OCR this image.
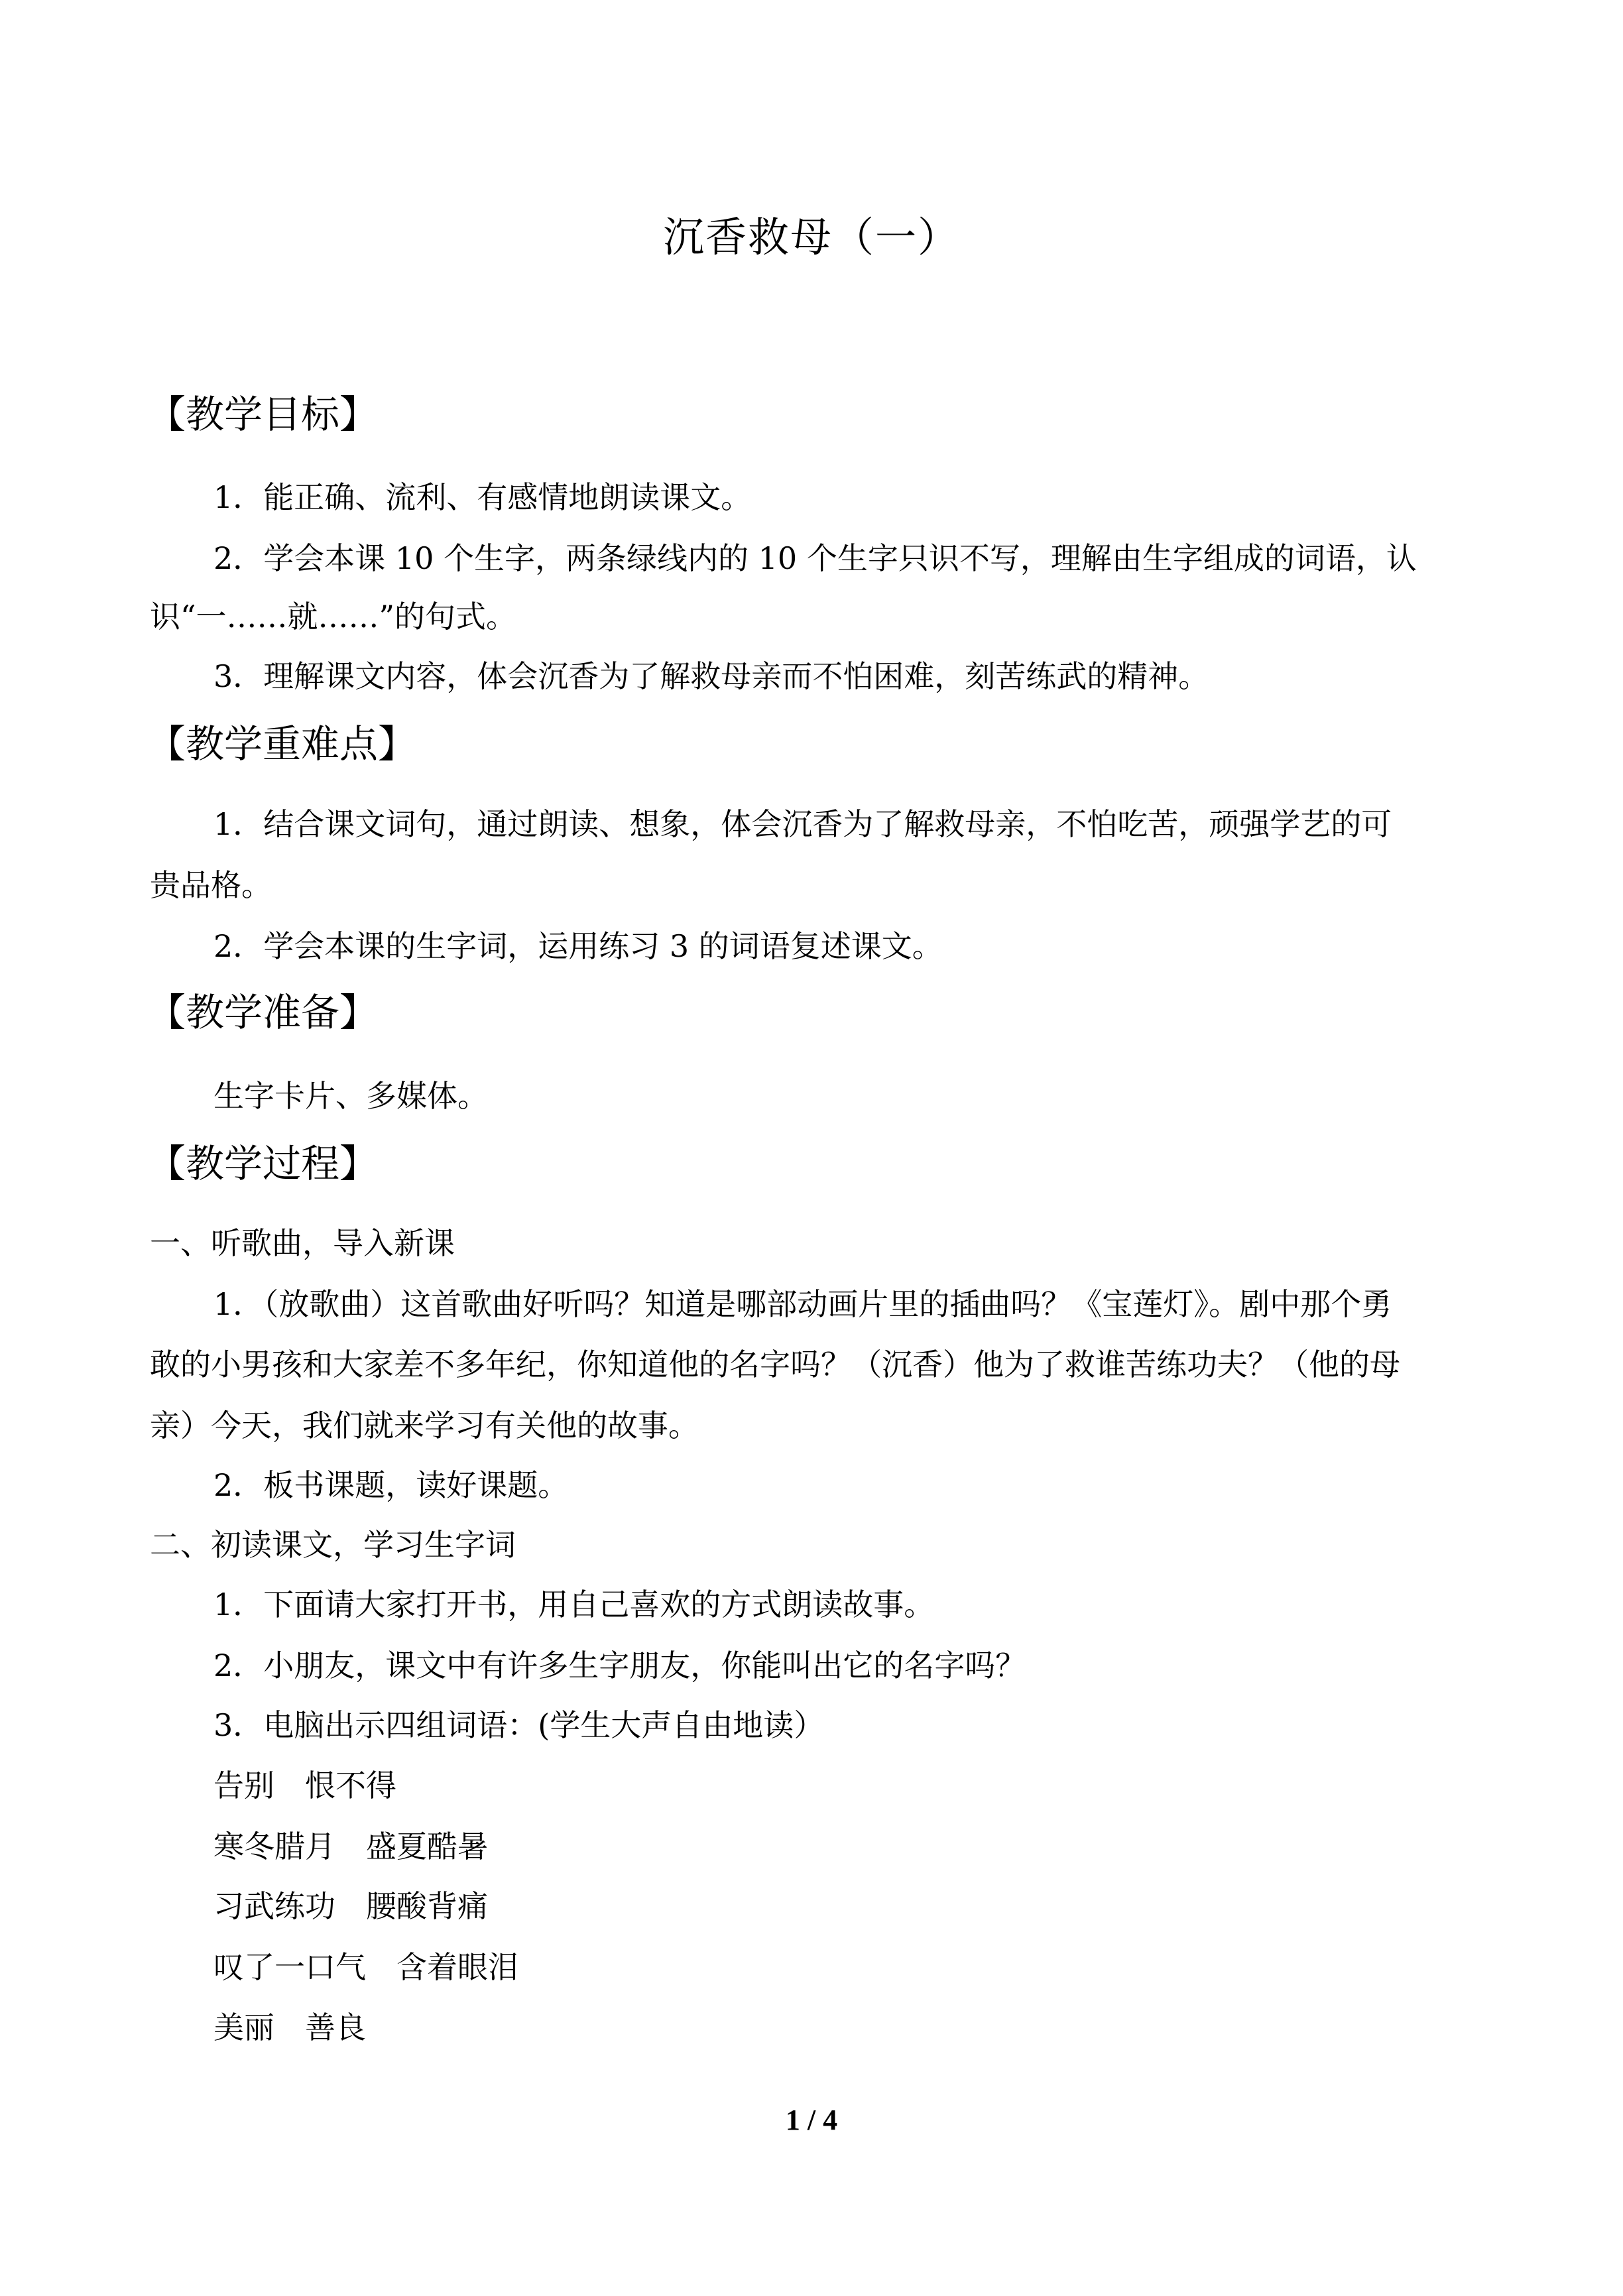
沉香救母（一）
【教学目标】
1．能正确、流利、有感情地朗读课文。
2．学会本课 10 个生字，两条绿线内的 10 个生字只识不写，理解由生字组成的词语，认
识“一……就……”的句式。
3．理解课文内容，体会沉香为了解救母亲而不怕困难，刻苦练武的精神。
【教学重难点】
1．结合课文词句，通过朗读、想象，体会沉香为了解救母亲，不怕吃苦，顽强学艺的可
贵品格。
2．学会本课的生字词，运用练习 3 的词语复述课文。
【教学准备】
生字卡片、多媒体。
【教学过程】
一、听歌曲，导入新课
1．（放歌曲）这首歌曲好听吗？知道是哪部动画片里的插曲吗？《宝莲灯》。剧中那个勇
敢的小男孩和大家差不多年纪，你知道他的名字吗？（沉香）他为了救谁苦练功夫？（他的母
亲）今天，我们就来学习有关他的故事。
2．板书课题，读好课题。
二、初读课文，学习生字词
1．下面请大家打开书，用自己喜欢的方式朗读故事。
2．小朋友，课文中有许多生字朋友，你能叫出它的名字吗？
3．电脑出示四组词语：(学生大声自由地读）
告别　恨不得
寒冬腊月　盛夏酷暑
习武练功　腰酸背痛
叹了一口气　含着眼泪
美丽　善良
1 / 4
